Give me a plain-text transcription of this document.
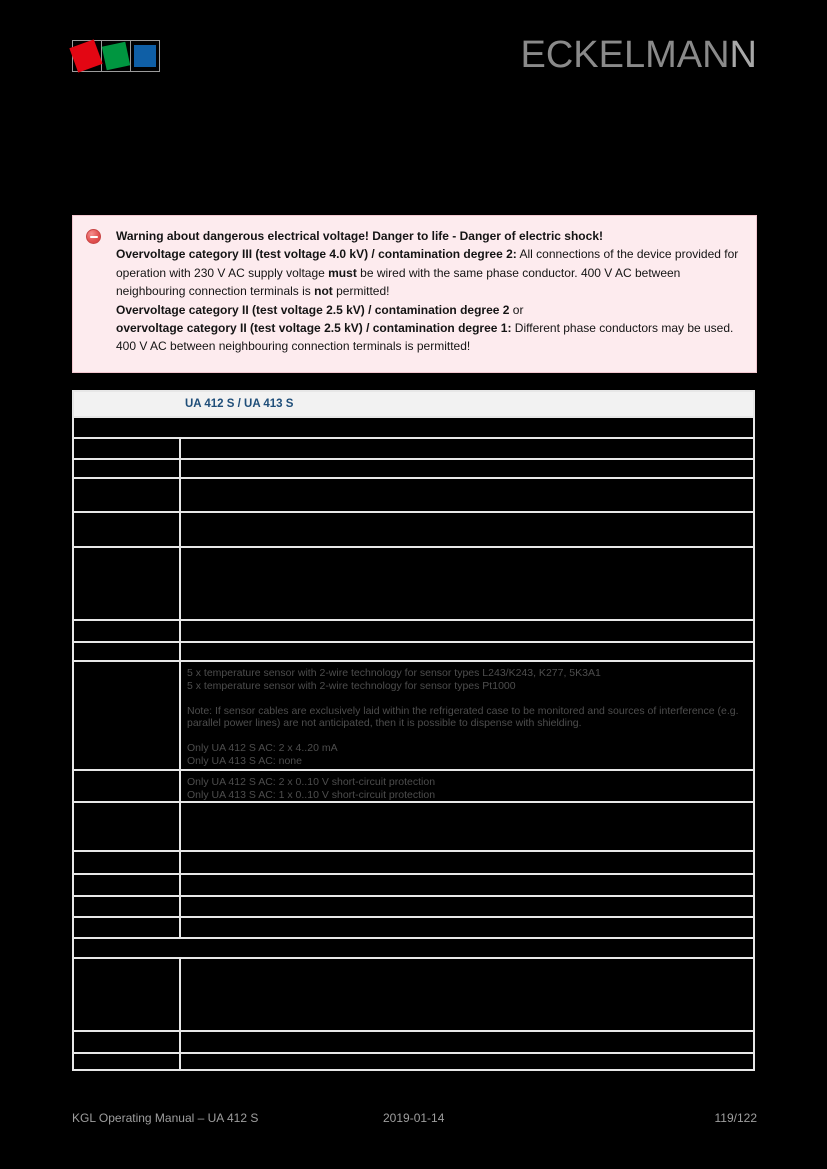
ECKELMANN
Warning about dangerous electrical voltage! Danger to life - Danger of electric shock!
Overvoltage category III (test voltage 4.0 kV) / contamination degree 2: All connections of the device provided for operation with 230 V AC supply voltage must be wired with the same phase conductor. 400 V AC between neighbouring connection terminals is not permitted!
Overvoltage category II (test voltage 2.5 kV) / contamination degree 2 or
overvoltage category II (test voltage 2.5 kV) / contamination degree 1: Different phase conductors may be used. 400 V AC between neighbouring connection terminals is permitted!
UA 412 S / UA 413 S
5 x temperature sensor with 2-wire technology for sensor types L243/K243, K277, 5K3A1
5 x temperature sensor with 2-wire technology for sensor types Pt1000
Note: If sensor cables are exclusively laid within the refrigerated case to be monitored and sources of interference (e.g. parallel power lines) are not anticipated, then it is possible to dispense with shielding.
Only UA 412 S AC: 2 x 4..20 mA
Only UA 413 S AC: none
Only UA 412 S AC: 2 x 0..10 V short-circuit protection
Only UA 413 S AC: 1 x 0..10 V short-circuit protection
KGL Operating Manual – UA 412 S	2019-01-14	119/122
